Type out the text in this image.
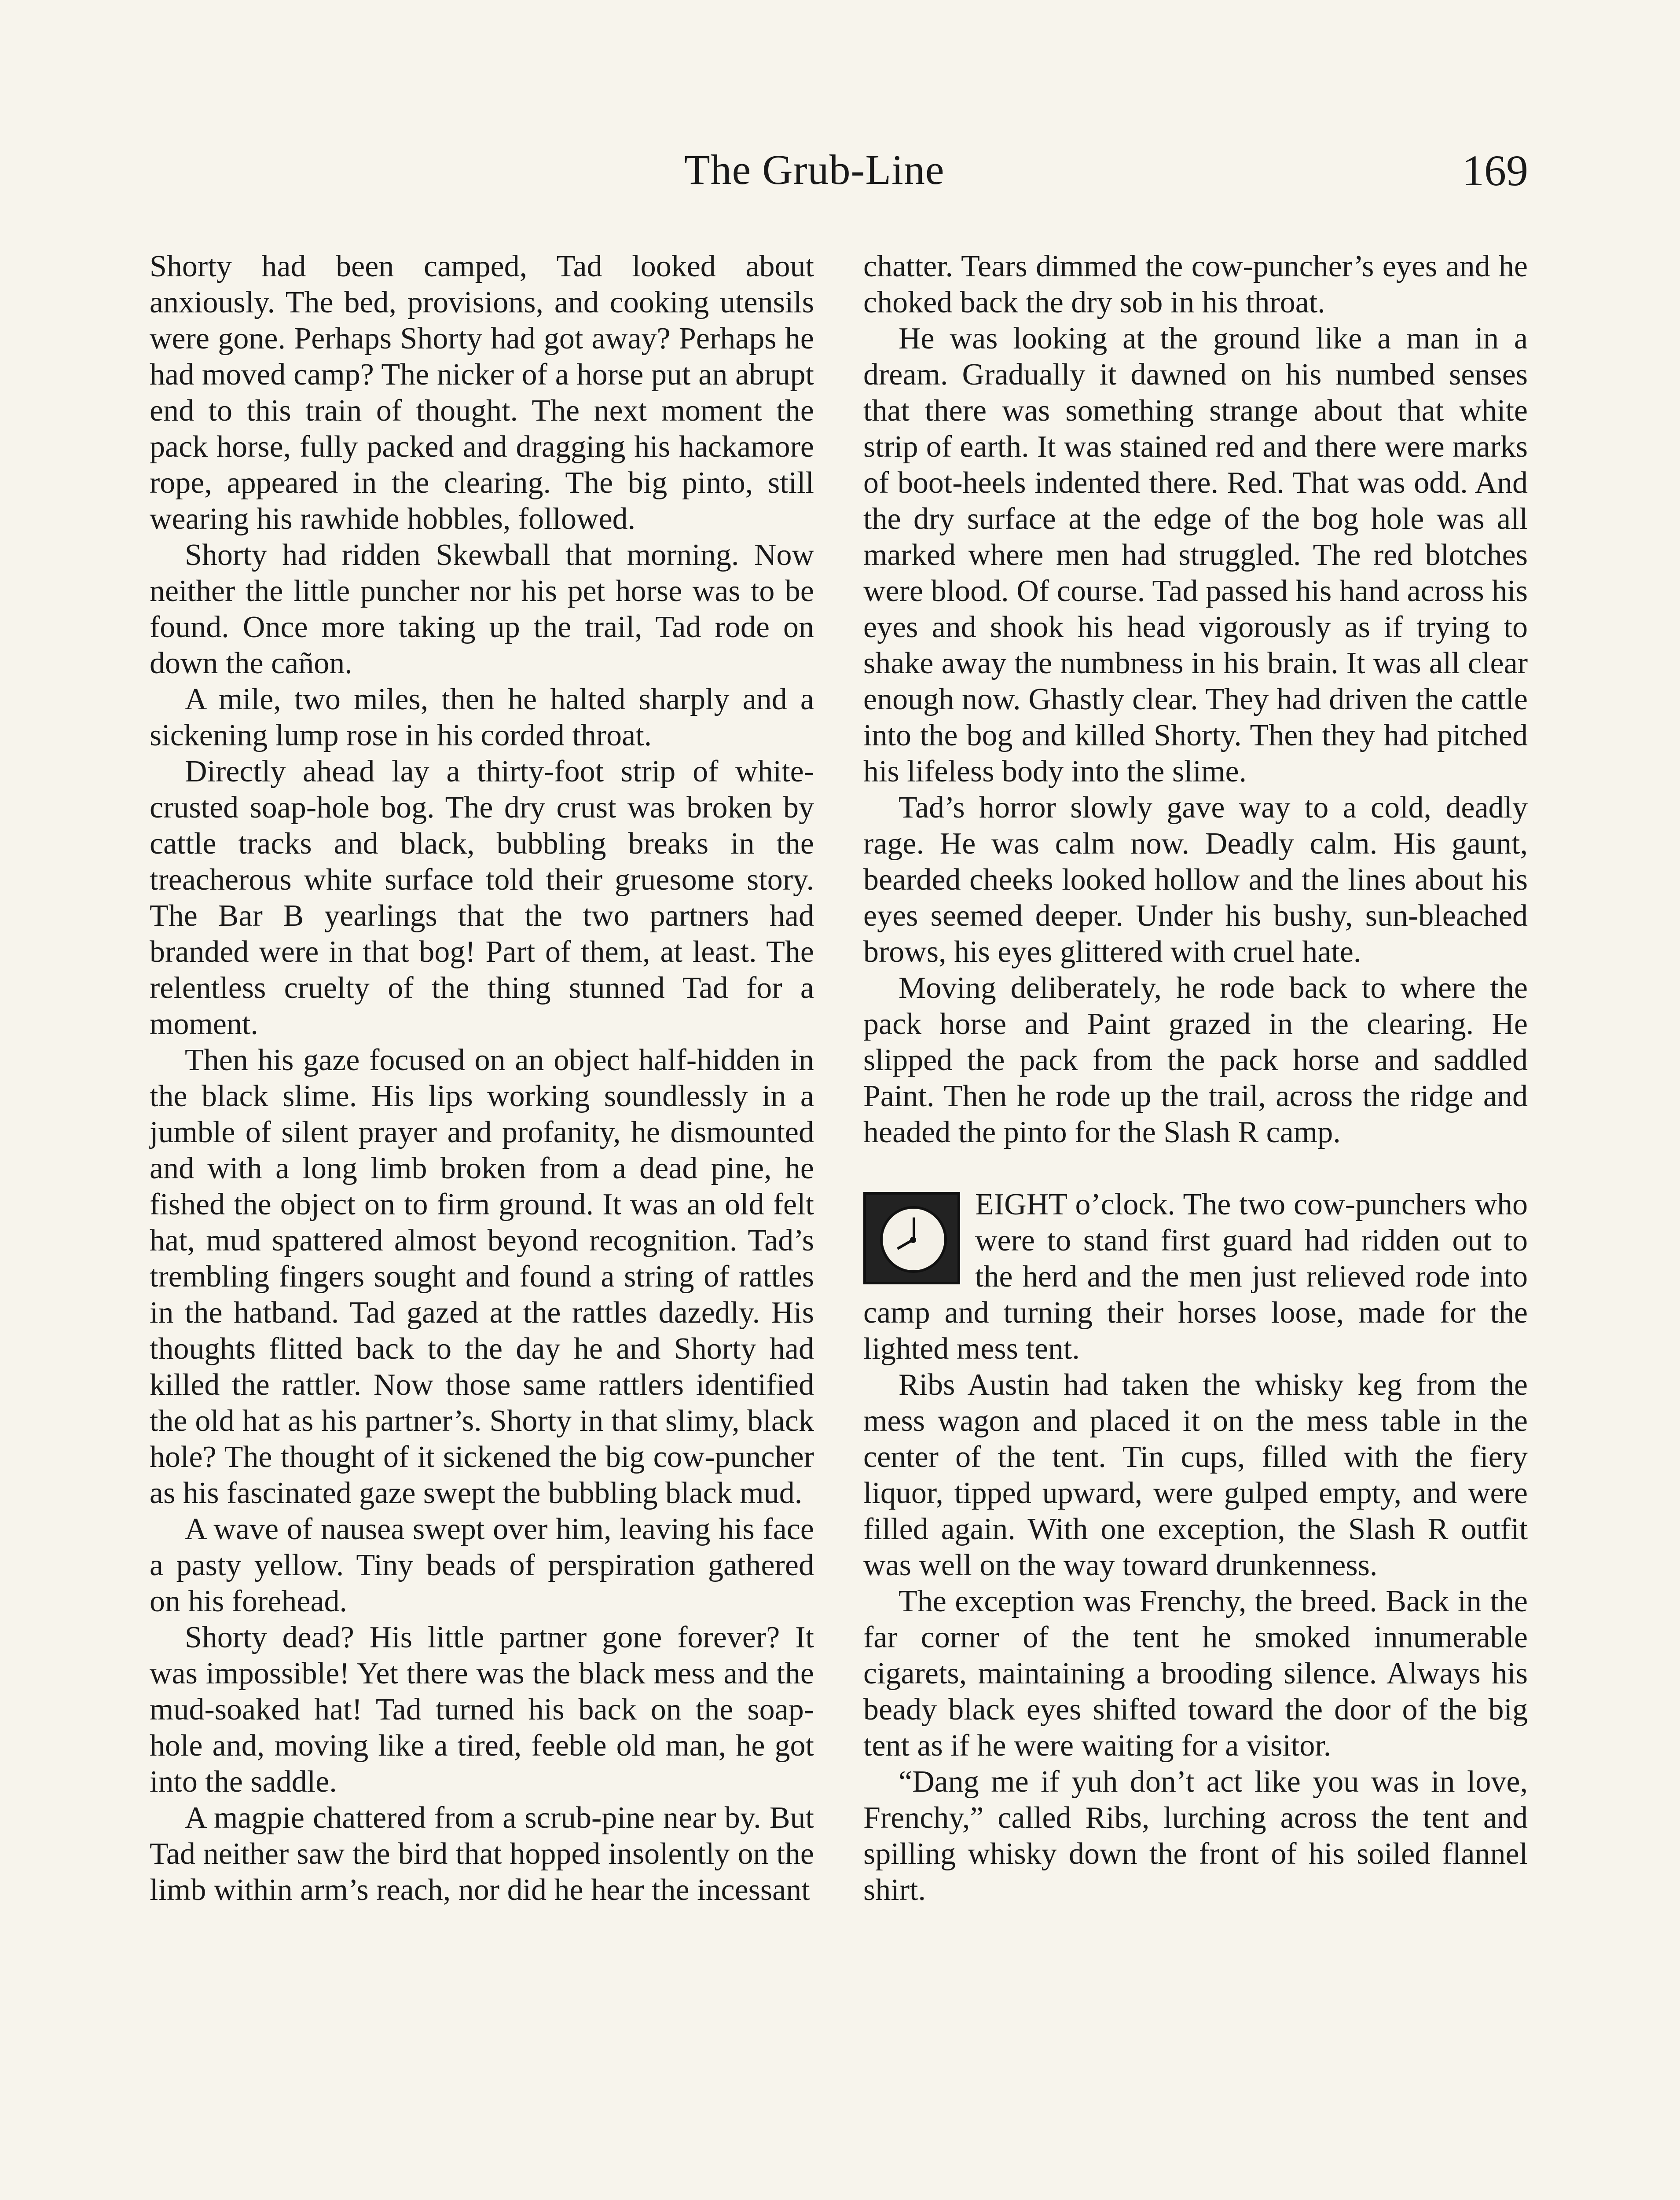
The Grub-Line	169

Shorty had been camped, Tad looked about anxiously. The bed, provisions, and cooking utensils were gone. Perhaps Shorty had got away? Perhaps he had moved camp? The nicker of a horse put an abrupt end to this train of thought. The next moment the pack horse, fully packed and dragging his hackamore rope, appeared in the clearing. The big pinto, still wearing his rawhide hobbles, followed.

Shorty had ridden Skewball that morning. Now neither the little puncher nor his pet horse was to be found. Once more taking up the trail, Tad rode on down the cañon.

A mile, two miles, then he halted sharply and a sickening lump rose in his corded throat.

Directly ahead lay a thirty-foot strip of white-crusted soap-hole bog. The dry crust was broken by cattle tracks and black, bubbling breaks in the treacherous white surface told their gruesome story. The Bar B yearlings that the two partners had branded were in that bog! Part of them, at least. The relentless cruelty of the thing stunned Tad for a moment.

Then his gaze focused on an object half-hidden in the black slime. His lips working soundlessly in a jumble of silent prayer and profanity, he dismounted and with a long limb broken from a dead pine, he fished the object on to firm ground. It was an old felt hat, mud spattered almost beyond recognition. Tad’s trembling fingers sought and found a string of rattles in the hatband. Tad gazed at the rattles dazedly. His thoughts flitted back to the day he and Shorty had killed the rattler. Now those same rattlers identified the old hat as his partner’s. Shorty in that slimy, black hole? The thought of it sickened the big cow-puncher as his fascinated gaze swept the bubbling black mud.

A wave of nausea swept over him, leaving his face a pasty yellow. Tiny beads of perspiration gathered on his forehead.

Shorty dead? His little partner gone forever? It was impossible! Yet there was the black mess and the mud-soaked hat! Tad turned his back on the soap-hole and, moving like a tired, feeble old man, he got into the saddle.

A magpie chattered from a scrub-pine near by. But Tad neither saw the bird that hopped insolently on the limb within arm’s reach, nor did he hear the incessant

chatter. Tears dimmed the cow-puncher’s eyes and he choked back the dry sob in his throat.

He was looking at the ground like a man in a dream. Gradually it dawned on his numbed senses that there was something strange about that white strip of earth. It was stained red and there were marks of boot-heels indented there. Red. That was odd. And the dry surface at the edge of the bog hole was all marked where men had struggled. The red blotches were blood. Of course. Tad passed his hand across his eyes and shook his head vigorously as if trying to shake away the numbness in his brain. It was all clear enough now. Ghastly clear. They had driven the cattle into the bog and killed Shorty. Then they had pitched his lifeless body into the slime.

Tad’s horror slowly gave way to a cold, deadly rage. He was calm now. Deadly calm. His gaunt, bearded cheeks looked hollow and the lines about his eyes seemed deeper. Under his bushy, sun-bleached brows, his eyes glittered with cruel hate.

Moving deliberately, he rode back to where the pack horse and Paint grazed in the clearing. He slipped the pack from the pack horse and saddled Paint. Then he rode up the trail, across the ridge and headed the pinto for the Slash R camp.

EIGHT o’clock. The two cow-punchers who were to stand first guard had ridden out to the herd and the men just relieved rode into camp and turning their horses loose, made for the lighted mess tent.

Ribs Austin had taken the whisky keg from the mess wagon and placed it on the mess table in the center of the tent. Tin cups, filled with the fiery liquor, tipped upward, were gulped empty, and were filled again. With one exception, the Slash R outfit was well on the way toward drunkenness.

The exception was Frenchy, the breed. Back in the far corner of the tent he smoked innumerable cigarets, maintaining a brooding silence. Always his beady black eyes shifted toward the door of the big tent as if he were waiting for a visitor.

“Dang me if yuh don’t act like you was in love, Frenchy,” called Ribs, lurching across the tent and spilling whisky down the front of his soiled flannel shirt.
